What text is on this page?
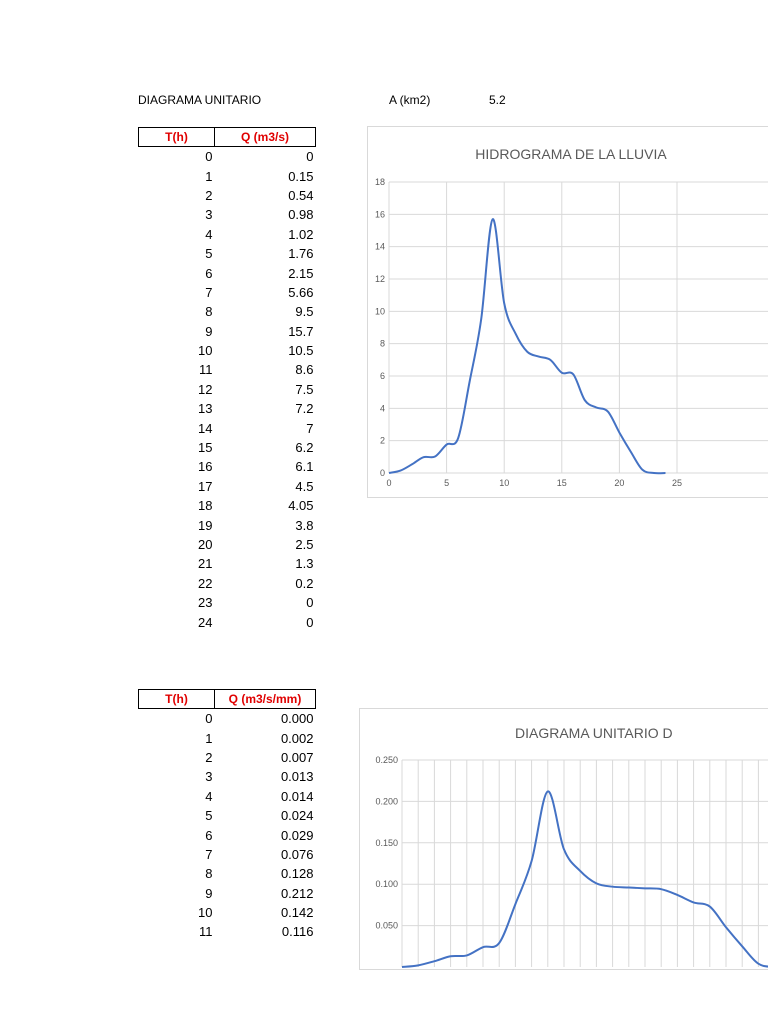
DIAGRAMA UNITARIO	A (km2)	5.2
T(h)	Q (m3/s)
0	0
1	0.15
2	0.54
3	0.98
4	1.02
5	1.76
6	2.15
7	5.66
8	9.5
9	15.7
10	10.5
11	8.6
12	7.5
13	7.2
14	7
15	6.2
16	6.1
17	4.5
18	4.05
19	3.8
20	2.5
21	1.3
22	0.2
23	0
24	0
T(h)	Q (m3/s/mm)
0	0.000
1	0.002
2	0.007
3	0.013
4	0.014
5	0.024
6	0.029
7	0.076
8	0.128
9	0.212
10	0.142
11	0.116
HIDROGRAMA DE LA LLUVIA
0
2
4
6
8
10
12
14
16
18
0	5	10	15	20	25
DIAGRAMA UNITARIO D
0.050
0.100
0.150
0.200
0.250
